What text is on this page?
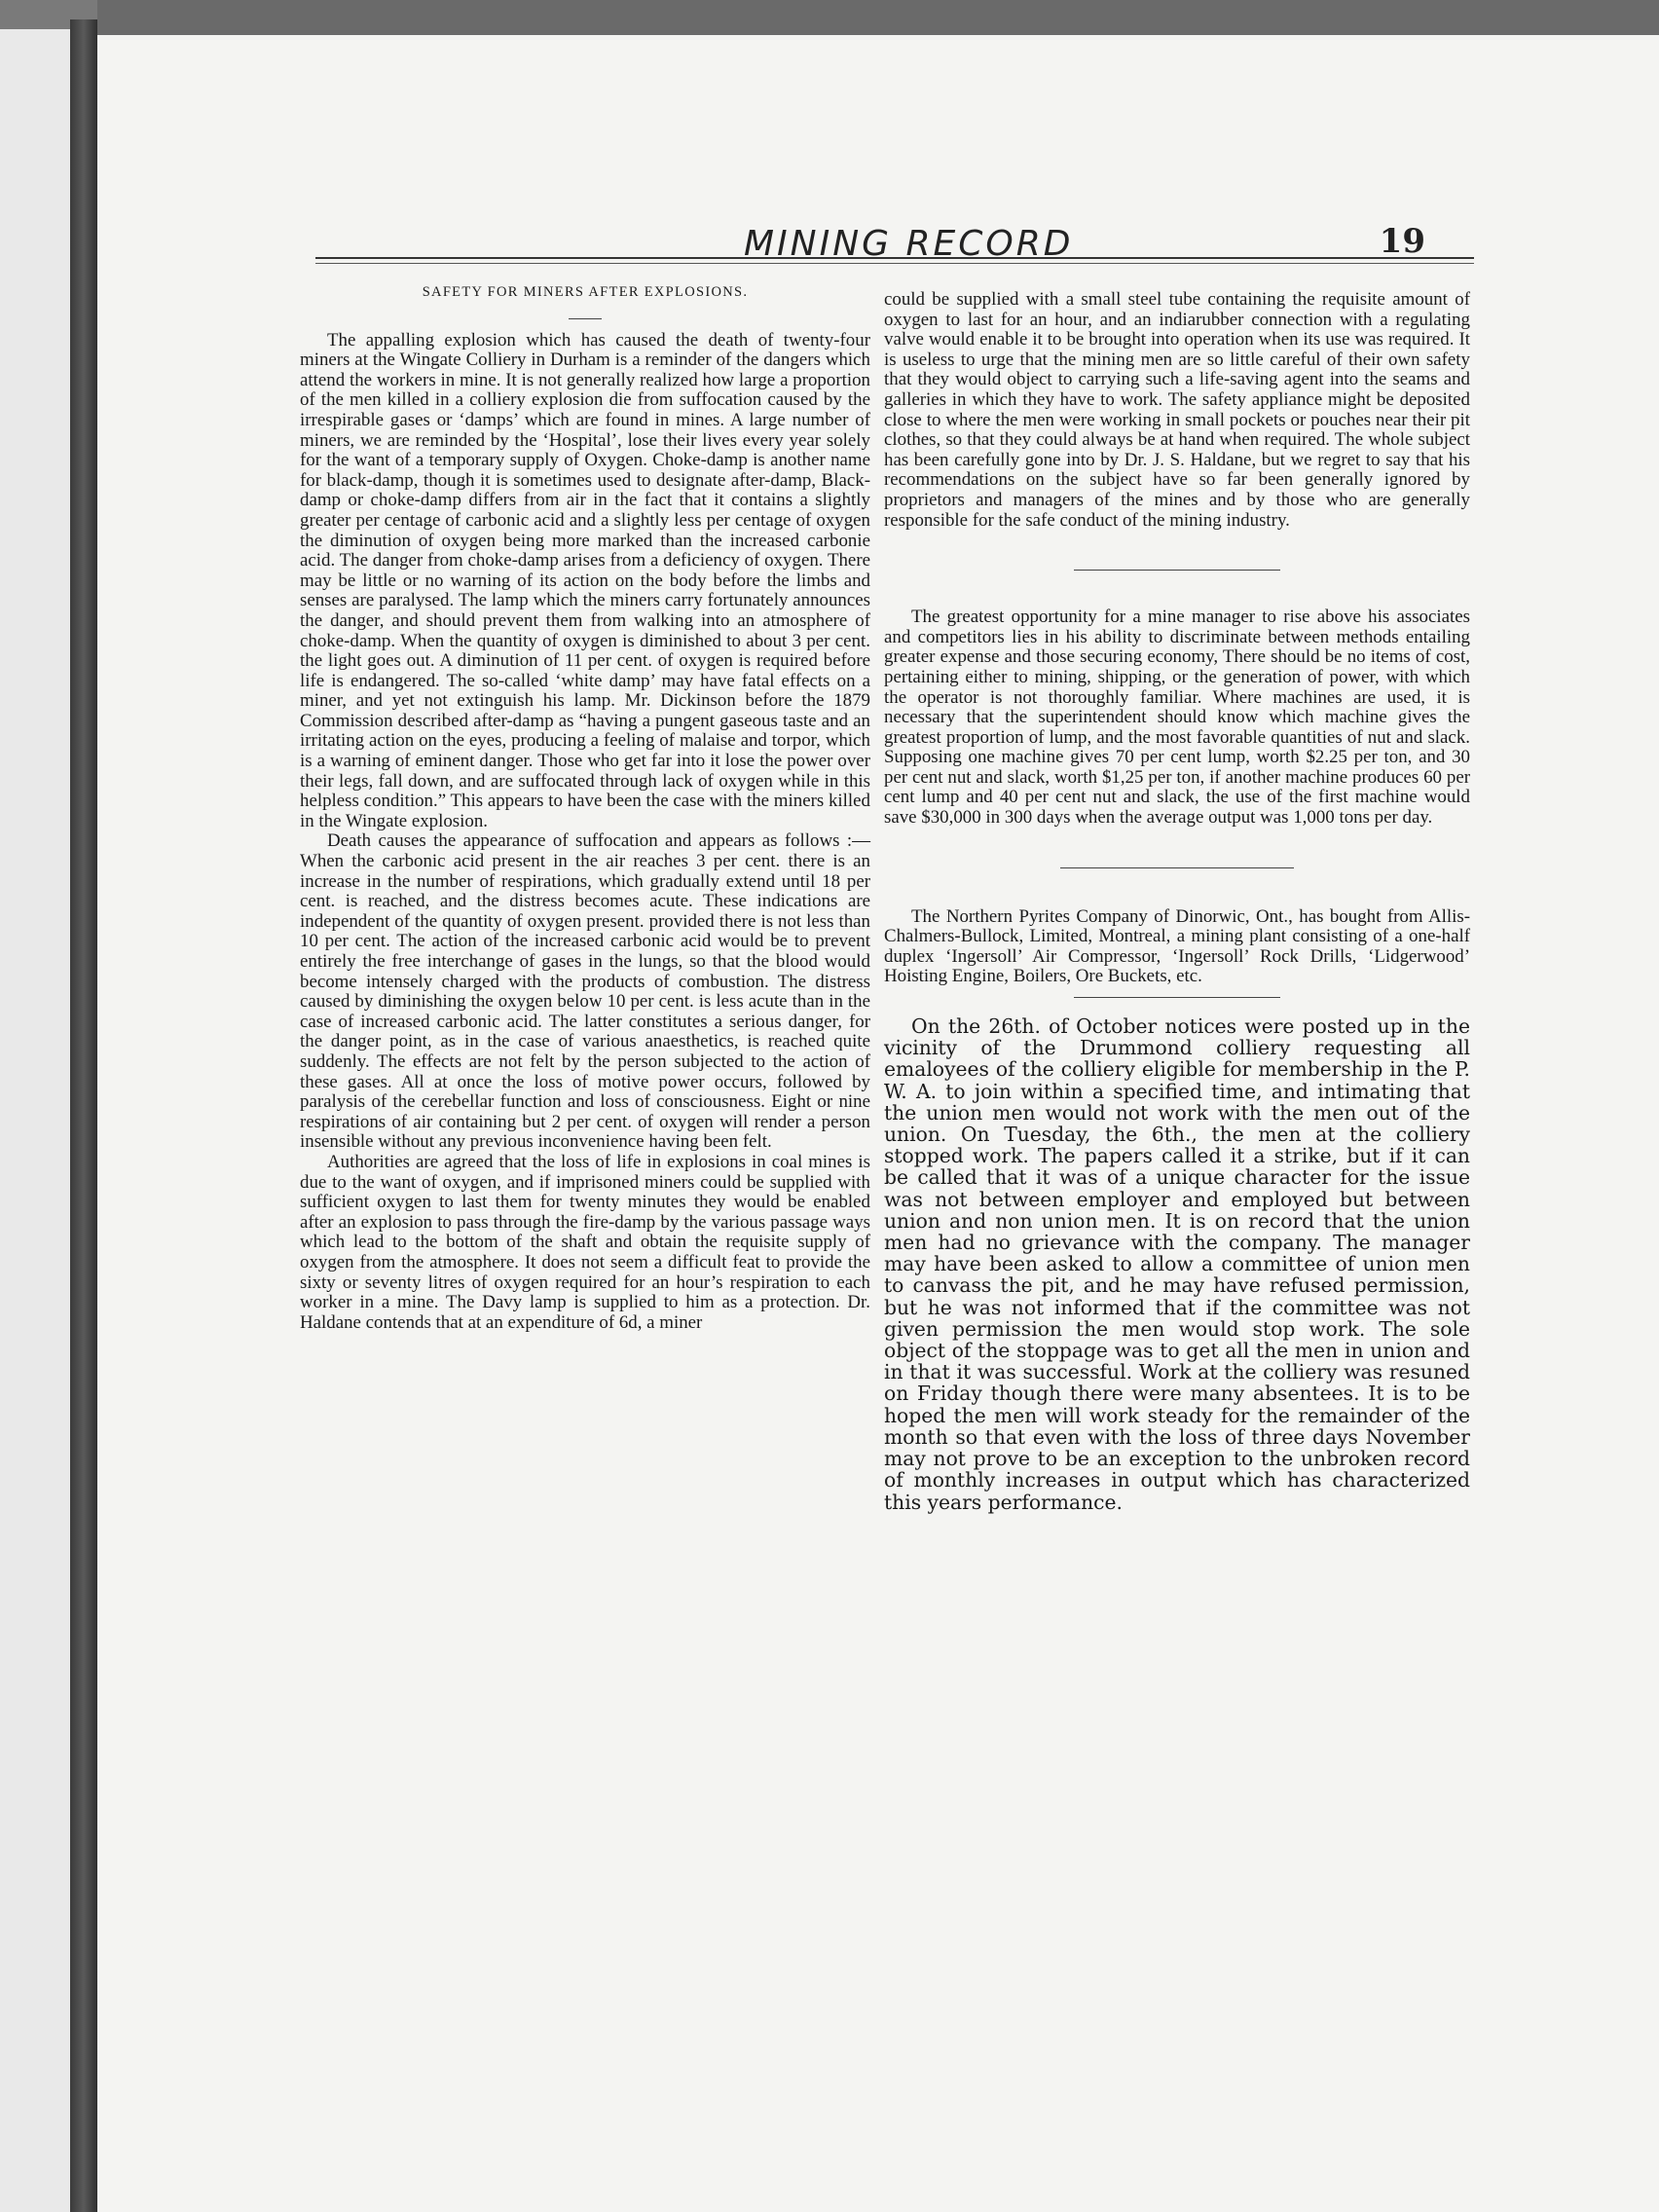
MINING RECORD	19

SAFETY FOR MINERS AFTER EXPLOSIONS.

The appalling explosion which has caused the death of twenty-four miners at the Wingate Colliery in Durham is a reminder of the dangers which attend the workers in mine. It is not generally realized how large a proportion of the men killed in a colliery explosion die from suffocation caused by the irrespirable gases or ‘damps’ which are found in mines. A large number of miners, we are reminded by the ‘Hospital’, lose their lives every year solely for the want of a temporary supply of Oxygen. Choke-damp is another name for black-damp, though it is sometimes used to designate after-damp, Black-damp or choke-damp differs from air in the fact that it contains a slightly greater per centage of carbonic acid and a slightly less per centage of oxygen the diminution of oxygen being more marked than the increased carbonie acid. The danger from choke-damp arises from a deficiency of oxygen. There may be little or no warning of its action on the body before the limbs and senses are paralysed. The lamp which the miners carry fortunately announces the danger, and should prevent them from walking into an atmosphere of choke-damp. When the quantity of oxygen is diminished to about 3 per cent. the light goes out. A diminution of 11 per cent. of oxygen is required before life is endangered. The so-called ‘white damp’ may have fatal effects on a miner, and yet not extinguish his lamp. Mr. Dickinson before the 1879 Commission described after-damp as “having a pungent gaseous taste and an irritating action on the eyes, producing a feeling of malaise and torpor, which is a warning of eminent danger. Those who get far into it lose the power over their legs, fall down, and are suffocated through lack of oxygen while in this helpless condition.” This appears to have been the case with the miners killed in the Wingate explosion.

Death causes the appearance of suffocation and appears as follows :—When the carbonic acid present in the air reaches 3 per cent. there is an increase in the number of respirations, which gradually extend until 18 per cent. is reached, and the distress becomes acute. These indications are independent of the quantity of oxygen present. provided there is not less than 10 per cent. The action of the increased carbonic acid would be to prevent entirely the free interchange of gases in the lungs, so that the blood would become intensely charged with the products of combustion. The distress caused by diminishing the oxygen below 10 per cent. is less acute than in the case of increased carbonic acid. The latter constitutes a serious danger, for the danger point, as in the case of various anaesthetics, is reached quite suddenly. The effects are not felt by the person subjected to the action of these gases. All at once the loss of motive power occurs, followed by paralysis of the cerebellar function and loss of consciousness. Eight or nine respirations of air containing but 2 per cent. of oxygen will render a person insensible without any previous inconvenience having been felt.

Authorities are agreed that the loss of life in explosions in coal mines is due to the want of oxygen, and if imprisoned miners could be supplied with sufficient oxygen to last them for twenty minutes they would be enabled after an explosion to pass through the fire-damp by the various passage ways which lead to the bottom of the shaft and obtain the requisite supply of oxygen from the atmosphere. It does not seem a difficult feat to provide the sixty or seventy litres of oxygen required for an hour’s respiration to each worker in a mine. The Davy lamp is supplied to him as a protection. Dr. Haldane contends that at an expenditure of 6d, a miner

could be supplied with a small steel tube containing the requisite amount of oxygen to last for an hour, and an indiarubber connection with a regulating valve would enable it to be brought into operation when its use was required. It is useless to urge that the mining men are so little careful of their own safety that they would object to carrying such a life-saving agent into the seams and galleries in which they have to work. The safety appliance might be deposited close to where the men were working in small pockets or pouches near their pit clothes, so that they could always be at hand when required. The whole subject has been carefully gone into by Dr. J. S. Haldane, but we regret to say that his recommendations on the subject have so far been generally ignored by proprietors and managers of the mines and by those who are generally responsible for the safe conduct of the mining industry.

The greatest opportunity for a mine manager to rise above his associates and competitors lies in his ability to discriminate between methods entailing greater expense and those securing economy, There should be no items of cost, pertaining either to mining, shipping, or the generation of power, with which the operator is not thoroughly familiar. Where machines are used, it is necessary that the superintendent should know which machine gives the greatest proportion of lump, and the most favorable quantities of nut and slack. Supposing one machine gives 70 per cent lump, worth $2.25 per ton, and 30 per cent nut and slack, worth $1,25 per ton, if another machine produces 60 per cent lump and 40 per cent nut and slack, the use of the first machine would save $30,000 in 300 days when the average output was 1,000 tons per day.

The Northern Pyrites Company of Dinorwic, Ont., has bought from Allis-Chalmers-Bullock, Limited, Montreal, a mining plant consisting of a one-half duplex ‘Ingersoll’ Air Compressor, ‘Ingersoll’ Rock Drills, ‘Lidgerwood’ Hoisting Engine, Boilers, Ore Buckets, etc.

On the 26th. of October notices were posted up in the vicinity of the Drummond colliery requesting all emaloyees of the colliery eligible for membership in the P. W. A. to join within a specified time, and intimating that the union men would not work with the men out of the union. On Tuesday, the 6th., the men at the colliery stopped work. The papers called it a strike, but if it can be called that it was of a unique character for the issue was not between employer and employed but between union and non union men. It is on record that the union men had no grievance with the company. The manager may have been asked to allow a committee of union men to canvass the pit, and he may have refused permission, but he was not informed that if the committee was not given permission the men would stop work. The sole object of the stoppage was to get all the men in union and in that it was successful. Work at the colliery was resuned on Friday though there were many absentees. It is to be hoped the men will work steady for the remainder of the month so that even with the loss of three days November may not prove to be an exception to the unbroken record of monthly increases in output which has characterized this years performance.
